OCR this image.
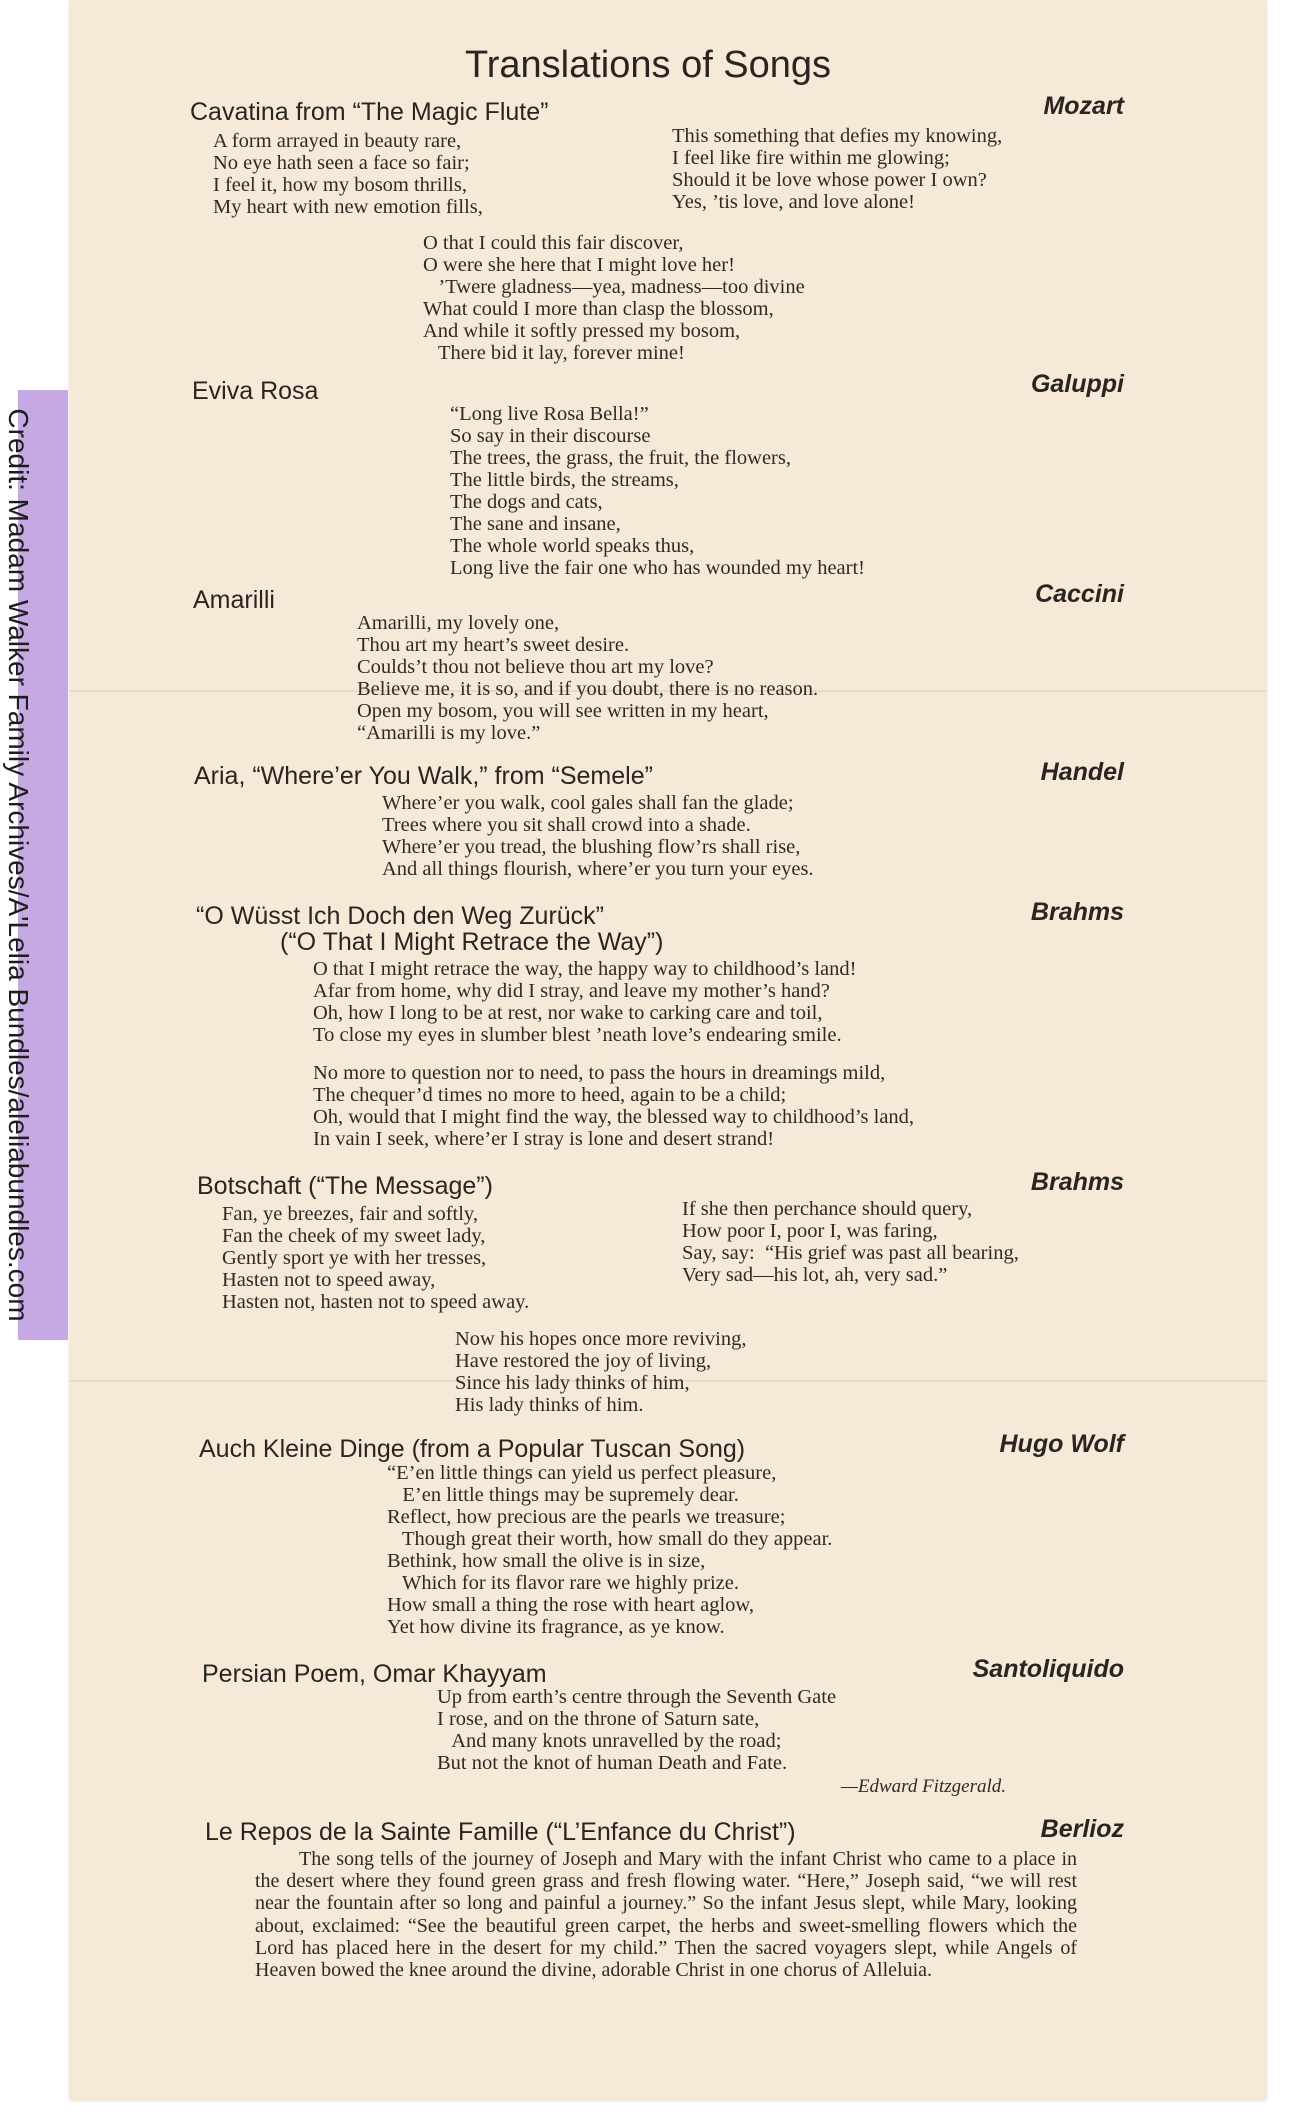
Credit: Madam Walker Family Archives/A'Lelia Bundles/aleliabundles.com
Translations of Songs
Cavatina from “The Magic Flute”	Mozart
A form arrayed in beauty rare,
No eye hath seen a face so fair;
I feel it, how my bosom thrills,
My heart with new emotion fills,
This something that defies my knowing,
I feel like fire within me glowing;
Should it be love whose power I own?
Yes, ’tis love, and love alone!
O that I could this fair discover,
O were she here that I might love her!
’Twere gladness—yea, madness—too divine
What could I more than clasp the blossom,
And while it softly pressed my bosom,
There bid it lay, forever mine!
Eviva Rosa	Galuppi
“Long live Rosa Bella!”
So say in their discourse
The trees, the grass, the fruit, the flowers,
The little birds, the streams,
The dogs and cats,
The sane and insane,
The whole world speaks thus,
Long live the fair one who has wounded my heart!
Amarilli	Caccini
Amarilli, my lovely one,
Thou art my heart’s sweet desire.
Coulds’t thou not believe thou art my love?
Believe me, it is so, and if you doubt, there is no reason.
Open my bosom, you will see written in my heart,
“Amarilli is my love.”
Aria, “Where’er You Walk,” from “Semele”	Handel
Where’er you walk, cool gales shall fan the glade;
Trees where you sit shall crowd into a shade.
Where’er you tread, the blushing flow’rs shall rise,
And all things flourish, where’er you turn your eyes.
“O Wüsst Ich Doch den Weg Zurück”
(“O That I Might Retrace the Way”)
Brahms
O that I might retrace the way, the happy way to childhood’s land!
Afar from home, why did I stray, and leave my mother’s hand?
Oh, how I long to be at rest, nor wake to carking care and toil,
To close my eyes in slumber blest ’neath love’s endearing smile.
No more to question nor to need, to pass the hours in dreamings mild,
The chequer’d times no more to heed, again to be a child;
Oh, would that I might find the way, the blessed way to childhood’s land,
In vain I seek, where’er I stray is lone and desert strand!
Botschaft (“The Message”)	Brahms
Fan, ye breezes, fair and softly,
Fan the cheek of my sweet lady,
Gently sport ye with her tresses,
Hasten not to speed away,
Hasten not, hasten not to speed away.
If she then perchance should query,
How poor I, poor I, was faring,
Say, say:  “His grief was past all bearing,
Very sad—his lot, ah, very sad.”
Now his hopes once more reviving,
Have restored the joy of living,
Since his lady thinks of him,
His lady thinks of him.
Auch Kleine Dinge (from a Popular Tuscan Song)	Hugo Wolf
“E’en little things can yield us perfect pleasure,
E’en little things may be supremely dear.
Reflect, how precious are the pearls we treasure;
Though great their worth, how small do they appear.
Bethink, how small the olive is in size,
Which for its flavor rare we highly prize.
How small a thing the rose with heart aglow,
Yet how divine its fragrance, as ye know.
Persian Poem, Omar Khayyam	Santoliquido
Up from earth’s centre through the Seventh Gate
I rose, and on the throne of Saturn sate,
And many knots unravelled by the road;
But not the knot of human Death and Fate.
—Edward Fitzgerald.
Le Repos de la Sainte Famille (“L’Enfance du Christ”)	Berlioz

The song tells of the journey of Joseph and Mary with the infant Christ who came to a place in the desert where they found green grass and fresh flowing water. “Here,” Joseph said, “we will rest near the fountain after so long and painful a journey.” So the infant Jesus slept, while Mary, looking about, exclaimed: “See the beautiful green carpet, the herbs and sweet-smelling flowers which the Lord has placed here in the desert for my child.” Then the sacred voyagers slept, while Angels of Heaven bowed the knee around the divine, adorable Christ in one chorus of Alleluia.
